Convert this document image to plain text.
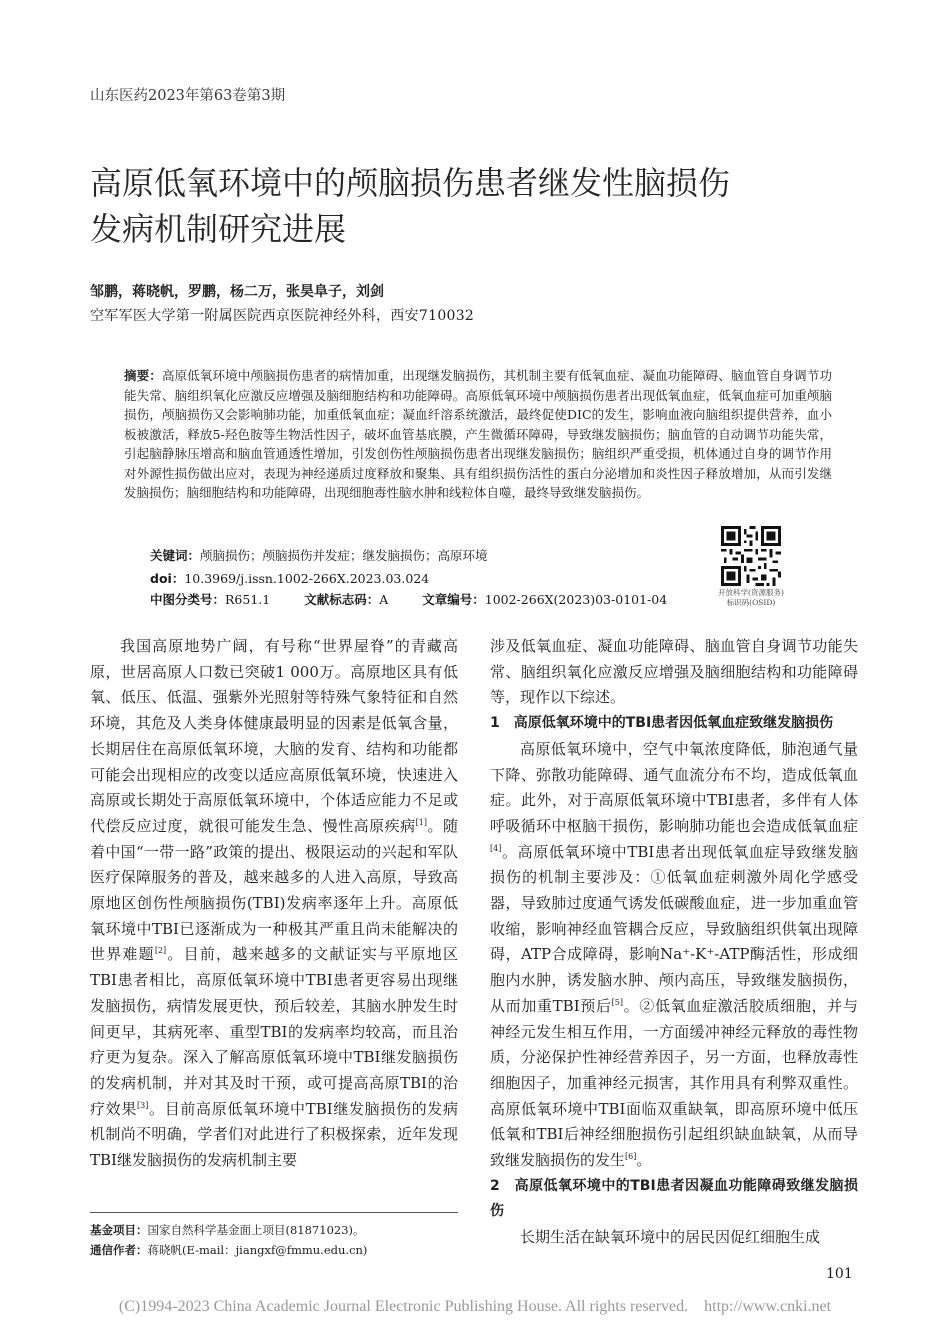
山东医药2023年第63卷第3期
高原低氧环境中的颅脑损伤患者继发性脑损伤
发病机制研究进展
邹鹏，蒋晓帆，罗鹏，杨二万，张昊阜子，刘剑
空军军医大学第一附属医院西京医院神经外科，西安710032
摘要：高原低氧环境中颅脑损伤患者的病情加重，出现继发脑损伤，其机制主要有低氧血症、凝血功能障碍、脑血管自身调节功能失常、脑组织氧化应激反应增强及脑细胞结构和功能障碍。高原低氧环境中颅脑损伤患者出现低氧血症，低氧血症可加重颅脑损伤，颅脑损伤又会影响肺功能，加重低氧血症；凝血纤溶系统激活，最终促使DIC的发生，影响血液向脑组织提供营养，血小板被激活，释放5-羟色胺等生物活性因子，破坏血管基底膜，产生微循环障碍，导致继发脑损伤；脑血管的自动调节功能失常，引起脑静脉压增高和脑血管通透性增加，引发创伤性颅脑损伤患者出现继发脑损伤；脑组织严重受损，机体通过自身的调节作用对外源性损伤做出应对，表现为神经递质过度释放和聚集、具有组织损伤活性的蛋白分泌增加和炎性因子释放增加，从而引发继发脑损伤；脑细胞结构和功能障碍，出现细胞毒性脑水肿和线粒体自噬，最终导致继发脑损伤。
关键词：颅脑损伤；颅脑损伤并发症；继发脑损伤；高原环境
doi：10.3969/j.issn.1002-266X.2023.03.024
中图分类号：R651.1	文献标志码：A	文章编号：1002-266X(2023)03-0101-04	开放科学(资源服务)
标识码(OSID)

我国高原地势广阔，有号称“世界屋脊”的青藏高原，世居高原人口数已突破1 000万。高原地区具有低氧、低压、低温、强紫外光照射等特殊气象特征和自然环境，其危及人类身体健康最明显的因素是低氧含量，长期居住在高原低氧环境，大脑的发育、结构和功能都可能会出现相应的改变以适应高原低氧环境，快速进入高原或长期处于高原低氧环境中，个体适应能力不足或代偿反应过度，就很可能发生急、慢性高原疾病[1]。随着中国“一带一路”政策的提出、极限运动的兴起和军队医疗保障服务的普及，越来越多的人进入高原，导致高原地区创伤性颅脑损伤(TBI)发病率逐年上升。高原低氧环境中TBI已逐渐成为一种极其严重且尚未能解决的世界难题[2]。目前，越来越多的文献证实与平原地区TBI患者相比，高原低氧环境中TBI患者更容易出现继发脑损伤，病情发展更快，预后较差，其脑水肿发生时间更早，其病死率、重型TBI的发病率均较高，而且治疗更为复杂。深入了解高原低氧环境中TBI继发脑损伤的发病机制，并对其及时干预，或可提高高原TBI的治疗效果[3]。目前高原低氧环境中TBI继发脑损伤的发病机制尚不明确，学者们对此进行了积极探索，近年发现TBI继发脑损伤的发病机制主要

涉及低氧血症、凝血功能障碍、脑血管自身调节功能失常、脑组织氧化应激反应增强及脑细胞结构和功能障碍等，现作以下综述。

1　高原低氧环境中的TBI患者因低氧血症致继发脑损伤

高原低氧环境中，空气中氧浓度降低，肺泡通气量下降、弥散功能障碍、通气血流分布不均，造成低氧血症。此外，对于高原低氧环境中TBI患者，多伴有人体呼吸循环中枢脑干损伤，影响肺功能也会造成低氧血症[4]。高原低氧环境中TBI患者出现低氧血症导致继发脑损伤的机制主要涉及：①低氧血症刺激外周化学感受器，导致肺过度通气诱发低碳酸血症，进一步加重血管收缩，影响神经血管耦合反应，导致脑组织供氧出现障碍，ATP合成障碍，影响Na⁺-K⁺-ATP酶活性，形成细胞内水肿，诱发脑水肿、颅内高压，导致继发脑损伤，从而加重TBI预后[5]。②低氧血症激活胶质细胞，并与神经元发生相互作用，一方面缓冲神经元释放的毒性物质，分泌保护性神经营养因子，另一方面，也释放毒性细胞因子，加重神经元损害，其作用具有利弊双重性。高原低氧环境中TBI面临双重缺氧，即高原环境中低压低氧和TBI后神经细胞损伤引起组织缺血缺氧，从而导致继发脑损伤的发生[6]。

2　高原低氧环境中的TBI患者因凝血功能障碍致继发脑损伤

长期生活在缺氧环境中的居民因促红细胞生成

基金项目：国家自然科学基金面上项目(81871023)。
通信作者：蒋晓帆(E-mail：jiangxf@fmmu.edu.cn)
101
(C)1994-2023 China Academic Journal Electronic Publishing House. All rights reserved.    http://www.cnki.net
